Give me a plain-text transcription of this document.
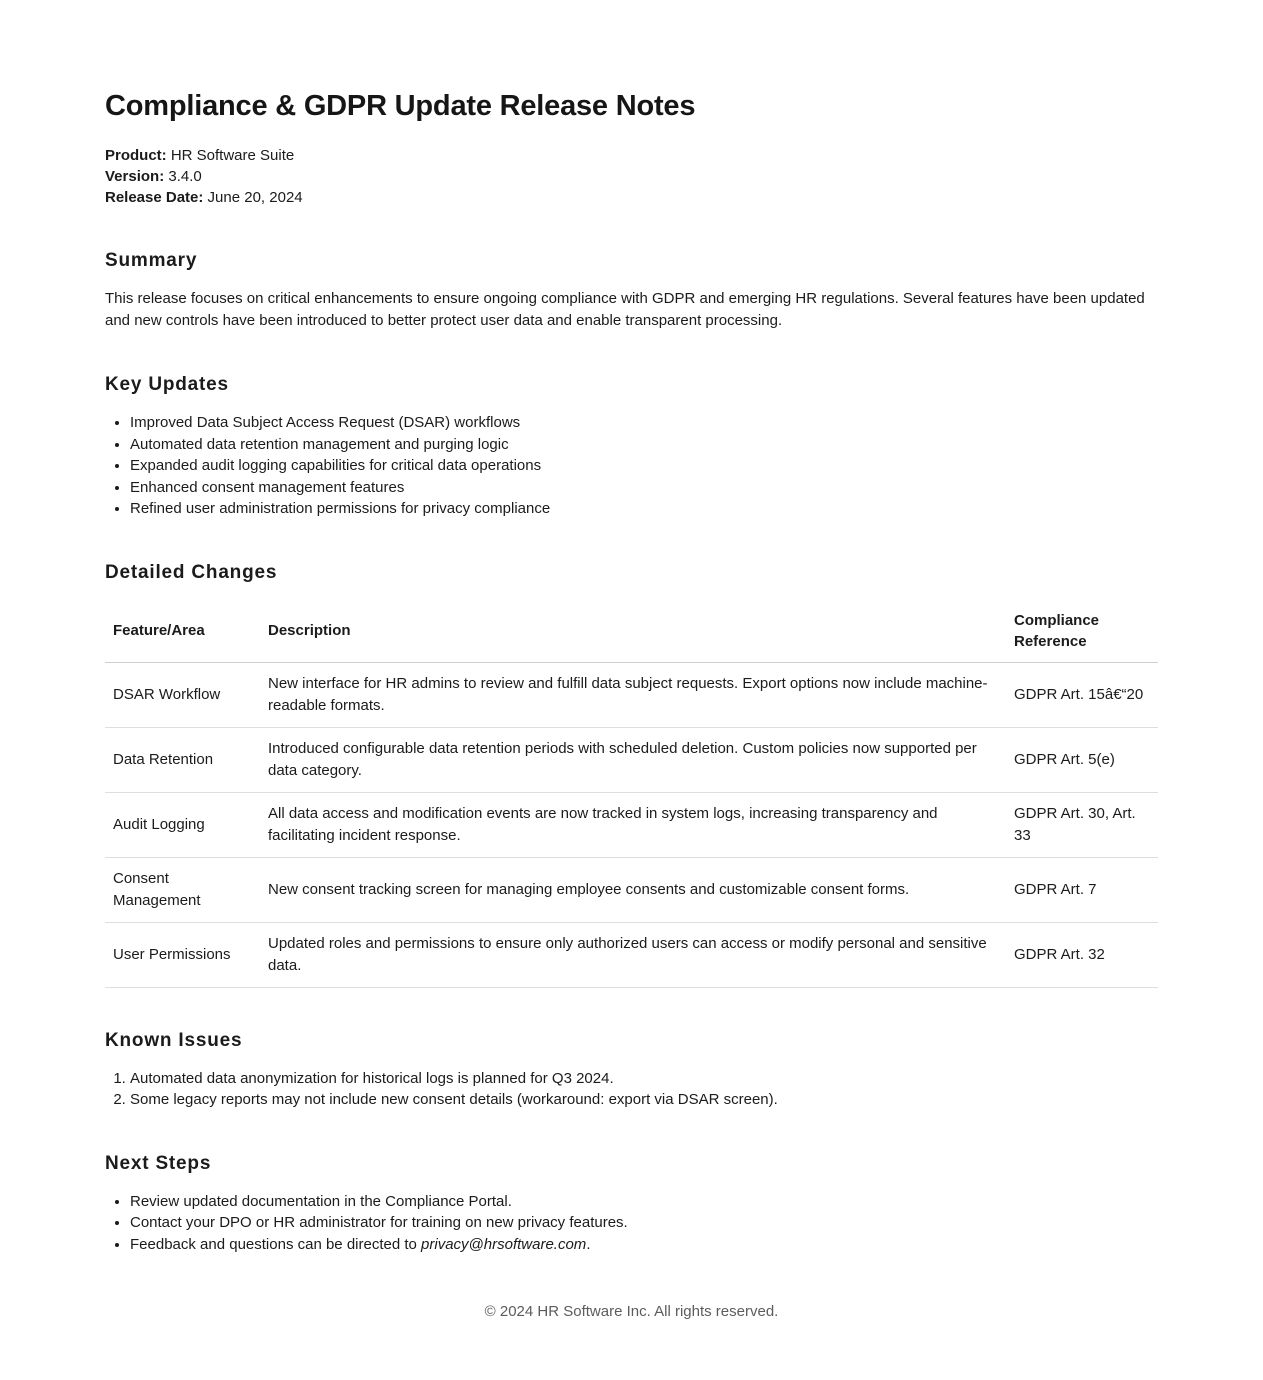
Compliance & GDPR Update Release Notes
Product: HR Software Suite
Version: 3.4.0
Release Date: June 20, 2024
Summary

This release focuses on critical enhancements to ensure ongoing compliance with GDPR and emerging HR regulations. Several features have been updated and new controls have been introduced to better protect user data and enable transparent processing.

Key Updates
• Improved Data Subject Access Request (DSAR) workflows
• Automated data retention management and purging logic
• Expanded audit logging capabilities for critical data operations
• Enhanced consent management features
• Refined user administration permissions for privacy compliance
Detailed Changes
Feature/Area	Description	Compliance Reference
DSAR Workflow	New interface for HR admins to review and fulfill data subject requests. Export options now include machine-readable formats.	GDPR Art. 15â€“20
Data Retention	Introduced configurable data retention periods with scheduled deletion. Custom policies now supported per data category.	GDPR Art. 5(e)
Audit Logging	All data access and modification events are now tracked in system logs, increasing transparency and facilitating incident response.	GDPR Art. 30, Art. 33
Consent Management	New consent tracking screen for managing employee consents and customizable consent forms.	GDPR Art. 7
User Permissions	Updated roles and permissions to ensure only authorized users can access or modify personal and sensitive data.	GDPR Art. 32
Known Issues
1. Automated data anonymization for historical logs is planned for Q3 2024.
2. Some legacy reports may not include new consent details (workaround: export via DSAR screen).
Next Steps
• Review updated documentation in the Compliance Portal.
• Contact your DPO or HR administrator for training on new privacy features.
• Feedback and questions can be directed to privacy@hrsoftware.com.
© 2024 HR Software Inc. All rights reserved.
